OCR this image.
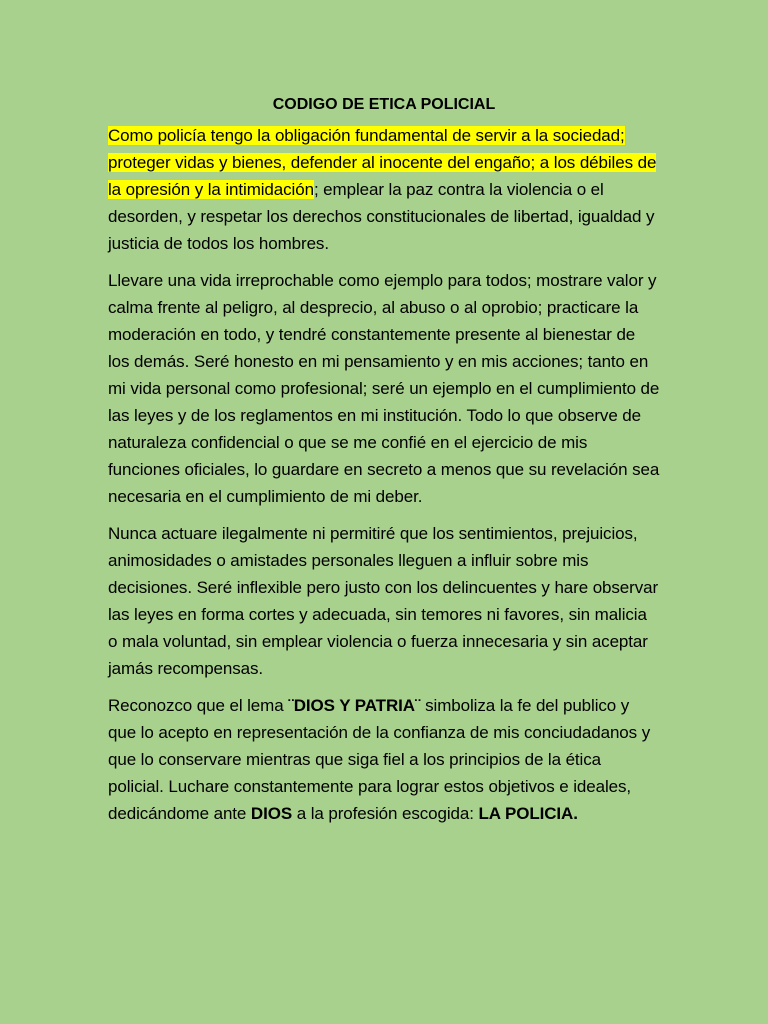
CODIGO DE ETICA POLICIAL

Como policía tengo la obligación fundamental de servir a la sociedad; proteger vidas y bienes, defender al inocente del engaño; a los débiles de la opresión y la intimidación; emplear la paz contra la violencia o el desorden, y respetar los derechos constitucionales de libertad, igualdad y justicia de todos los hombres.

Llevare una vida irreprochable como ejemplo para todos; mostrare valor y calma frente al peligro, al desprecio, al abuso o al oprobio; practicare la moderación en todo, y tendré constantemente presente al bienestar de los demás. Seré honesto en mi pensamiento y en mis acciones; tanto en mi vida personal como profesional; seré un ejemplo en el cumplimiento de las leyes y de los reglamentos en mi institución. Todo lo que observe de naturaleza confidencial o que se me confié en el ejercicio de mis funciones oficiales, lo guardare en secreto a menos que su revelación sea necesaria en el cumplimiento de mi deber.

Nunca actuare ilegalmente ni permitiré que los sentimientos, prejuicios, animosidades o amistades personales lleguen a influir sobre mis decisiones. Seré inflexible pero justo con los delincuentes y hare observar las leyes en forma cortes y adecuada, sin temores ni favores, sin malicia o mala voluntad, sin emplear violencia o fuerza innecesaria y sin aceptar jamás recompensas.

Reconozco que el lema ¨DIOS Y PATRIA¨ simboliza la fe del publico y que lo acepto en representación de la confianza de mis conciudadanos y que lo conservare mientras que siga fiel a los principios de la ética policial. Luchare constantemente para lograr estos objetivos e ideales, dedicándome ante DIOS a la profesión escogida: LA POLICIA.
